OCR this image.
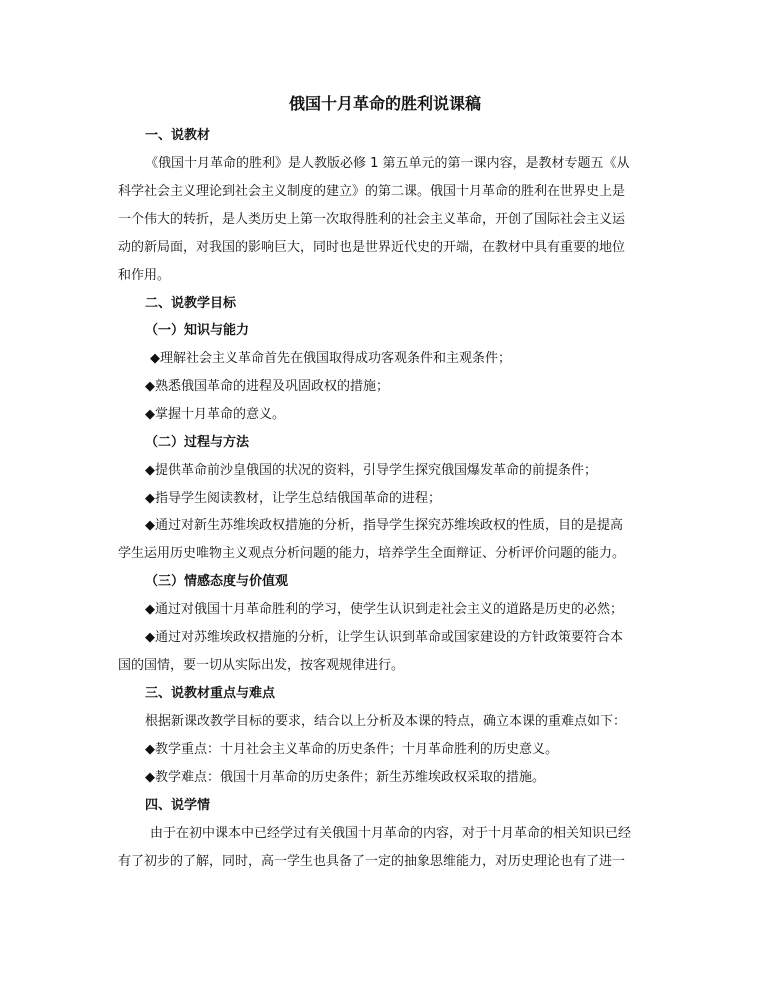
俄国十月革命的胜利说课稿
一、说教材
《俄国十月革命的胜利》是人教版必修 1 第五单元的第一课内容，是教材专题五《从
科学社会主义理论到社会主义制度的建立》的第二课。俄国十月革命的胜利在世界史上是
一个伟大的转折，是人类历史上第一次取得胜利的社会主义革命，开创了国际社会主义运
动的新局面，对我国的影响巨大，同时也是世界近代史的开端，在教材中具有重要的地位
和作用。
二、说教学目标
（一）知识与能力
◆理解社会主义革命首先在俄国取得成功客观条件和主观条件；
◆熟悉俄国革命的进程及巩固政权的措施；
◆掌握十月革命的意义。
（二）过程与方法
◆提供革命前沙皇俄国的状况的资料，引导学生探究俄国爆发革命的前提条件；
◆指导学生阅读教材，让学生总结俄国革命的进程；
◆通过对新生苏维埃政权措施的分析，指导学生探究苏维埃政权的性质，目的是提高
学生运用历史唯物主义观点分析问题的能力，培养学生全面辩证、分析评价问题的能力。
（三）情感态度与价值观
◆通过对俄国十月革命胜利的学习，使学生认识到走社会主义的道路是历史的必然；
◆通过对苏维埃政权措施的分析，让学生认识到革命或国家建设的方针政策要符合本
国的国情，要一切从实际出发，按客观规律进行。
三、说教材重点与难点
根据新课改教学目标的要求，结合以上分析及本课的特点，确立本课的重难点如下：
◆教学重点：十月社会主义革命的历史条件；十月革命胜利的历史意义。
◆教学难点：俄国十月革命的历史条件；新生苏维埃政权采取的措施。
四、说学情
由于在初中课本中已经学过有关俄国十月革命的内容，对于十月革命的相关知识已经
有了初步的了解，同时，高一学生也具备了一定的抽象思维能力，对历史理论也有了进一
